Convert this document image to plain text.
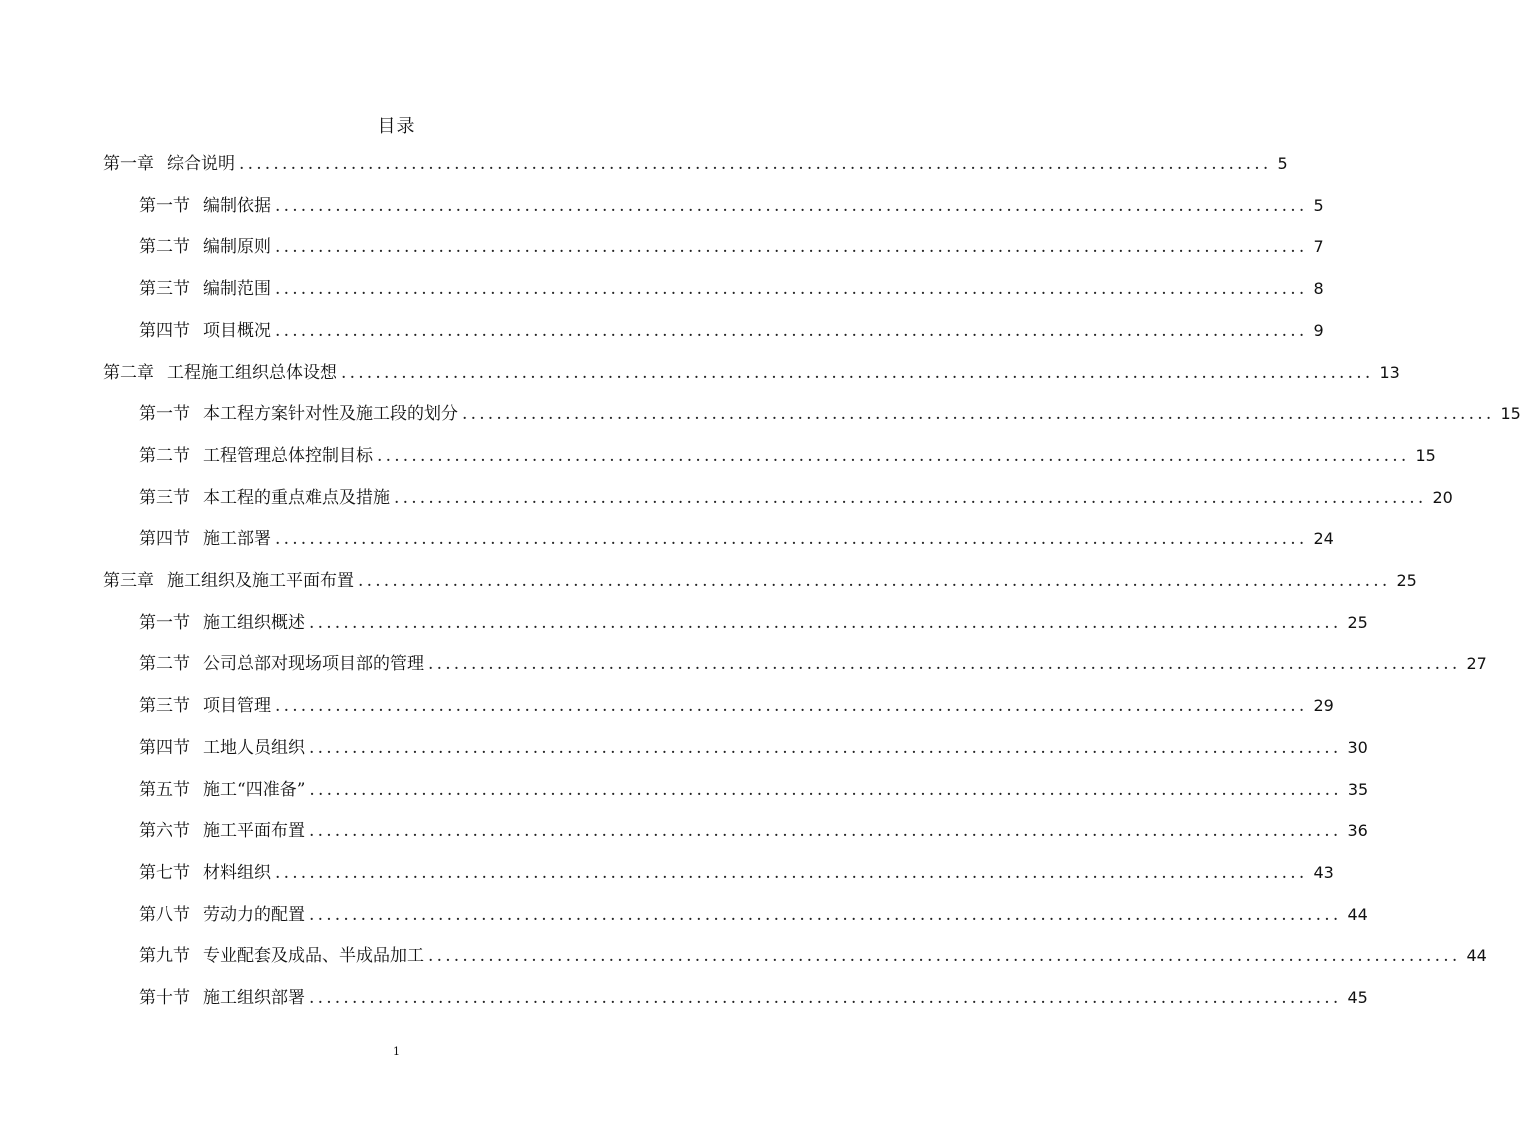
目录
第一章 综合说明 ........................................................................................................................ 5
第一节 编制依据 ........................................................................................................................ 5
第二节 编制原则 ........................................................................................................................ 7
第三节 编制范围 ........................................................................................................................ 8
第四节 项目概况 ........................................................................................................................ 9
第二章 工程施工组织总体设想 ........................................................................................................................ 13
第一节 本工程方案针对性及施工段的划分 ........................................................................................................................ 15
第二节 工程管理总体控制目标 ........................................................................................................................ 15
第三节 本工程的重点难点及措施 ........................................................................................................................ 20
第四节 施工部署 ........................................................................................................................ 24
第三章 施工组织及施工平面布置 ........................................................................................................................ 25
第一节 施工组织概述 ........................................................................................................................ 25
第二节 公司总部对现场项目部的管理 ........................................................................................................................ 27
第三节 项目管理 ........................................................................................................................ 29
第四节 工地人员组织 ........................................................................................................................ 30
第五节 施工“四准备” ........................................................................................................................ 35
第六节 施工平面布置 ........................................................................................................................ 36
第七节 材料组织 ........................................................................................................................ 43
第八节 劳动力的配置 ........................................................................................................................ 44
第九节 专业配套及成品、半成品加工 ........................................................................................................................ 44
第十节 施工组织部署 ........................................................................................................................ 45
1
